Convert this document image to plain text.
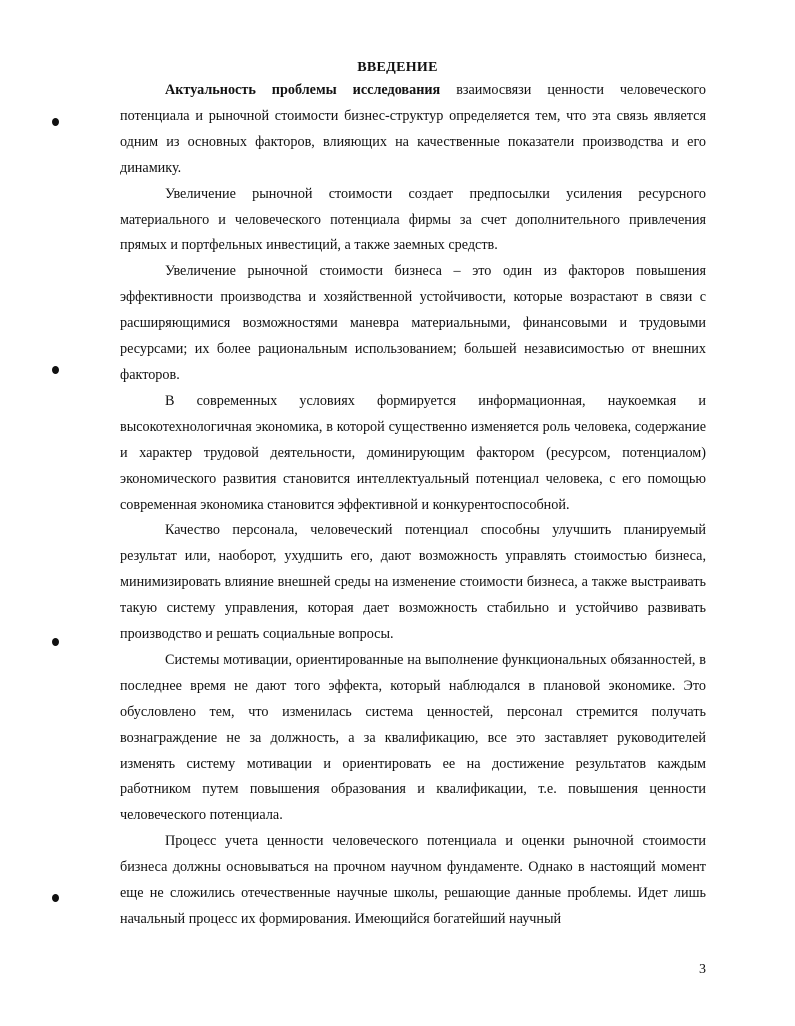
ВВЕДЕНИЕ

Актуальность проблемы исследования взаимосвязи ценности человеческого потенциала и рыночной стоимости бизнес-структур определяется тем, что эта связь является одним из основных факторов, влияющих на качественные показатели производства и его динамику.

Увеличение рыночной стоимости создает предпосылки усиления ресурсного материального и человеческого потенциала фирмы за счет дополнительного привлечения прямых и портфельных инвестиций, а также заемных средств.

Увеличение рыночной стоимости бизнеса – это один из факторов повышения эффективности производства и хозяйственной устойчивости, которые возрастают в связи с расширяющимися возможностями маневра материальными, финансовыми и трудовыми ресурсами; их более рациональным использованием; большей независимостью от внешних факторов.

В современных условиях формируется информационная, наукоемкая и высокотехнологичная экономика, в которой существенно изменяется роль человека, содержание и характер трудовой деятельности, доминирующим фактором (ресурсом, потенциалом) экономического развития становится интеллектуальный потенциал человека, с его помощью современная экономика становится эффективной и конкурентоспособной.

Качество персонала, человеческий потенциал способны улучшить планируемый результат или, наоборот, ухудшить его, дают возможность управлять стоимостью бизнеса, минимизировать влияние внешней среды на изменение стоимости бизнеса, а также выстраивать такую систему управления, которая дает возможность стабильно и устойчиво развивать производство и решать социальные вопросы.

Системы мотивации, ориентированные на выполнение функциональных обязанностей, в последнее время не дают того эффекта, который наблюдался в плановой экономике. Это обусловлено тем, что изменилась система ценностей, персонал стремится получать вознаграждение не за должность, а за квалификацию, все это заставляет руководителей изменять систему мотивации и ориентировать ее на достижение результатов каждым работником путем повышения образования и квалификации, т.е. повышения ценности человеческого потенциала.

Процесс учета ценности человеческого потенциала и оценки рыночной стоимости бизнеса должны основываться на прочном научном фундаменте. Однако в настоящий момент еще не сложились отечественные научные школы, решающие данные проблемы. Идет лишь начальный процесс их формирования. Имеющийся богатейший научный

3
